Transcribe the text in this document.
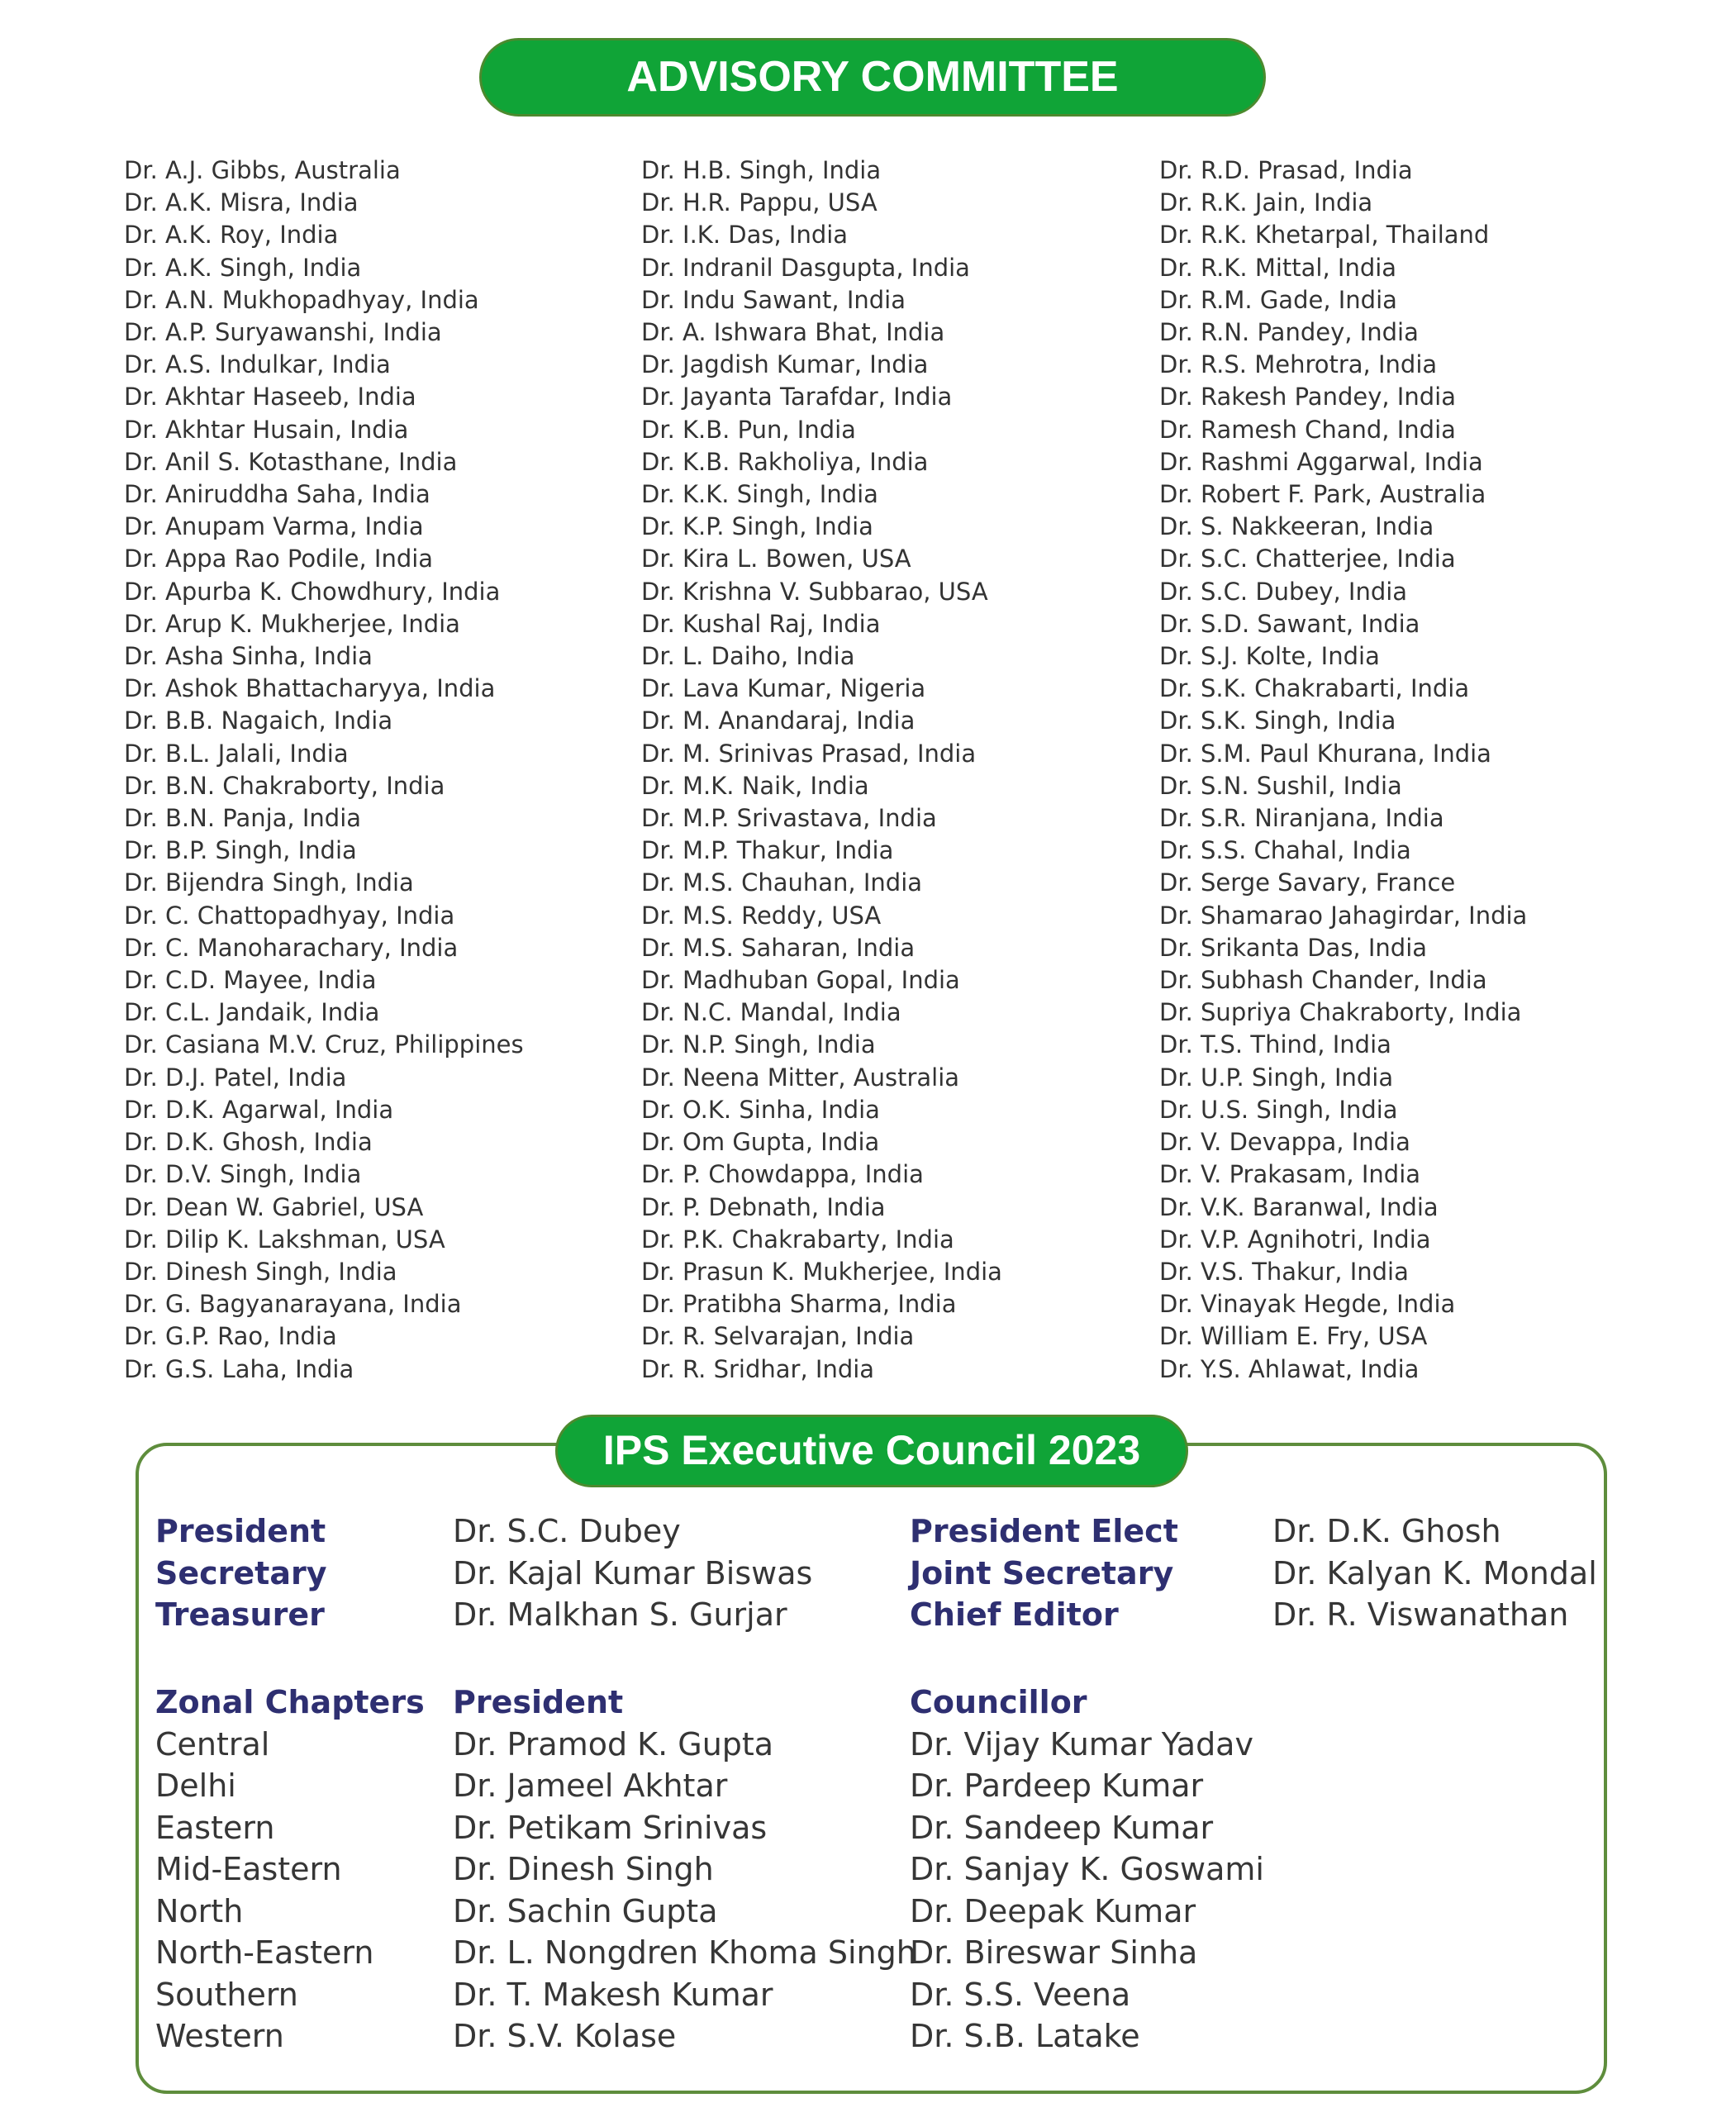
ADVISORY COMMITTEE
Dr. A.J. Gibbs, Australia
Dr. A.K. Misra, India
Dr. A.K. Roy, India
Dr. A.K. Singh, India
Dr. A.N. Mukhopadhyay, India
Dr. A.P. Suryawanshi, India
Dr. A.S. Indulkar, India
Dr. Akhtar Haseeb, India
Dr. Akhtar Husain, India
Dr. Anil S. Kotasthane, India
Dr. Aniruddha Saha, India
Dr. Anupam Varma, India
Dr. Appa Rao Podile, India
Dr. Apurba K. Chowdhury, India
Dr. Arup K. Mukherjee, India
Dr. Asha Sinha, India
Dr. Ashok Bhattacharyya, India
Dr. B.B. Nagaich, India
Dr. B.L. Jalali, India
Dr. B.N. Chakraborty, India
Dr. B.N. Panja, India
Dr. B.P. Singh, India
Dr. Bijendra Singh, India
Dr. C. Chattopadhyay, India
Dr. C. Manoharachary, India
Dr. C.D. Mayee, India
Dr. C.L. Jandaik, India
Dr. Casiana M.V. Cruz, Philippines
Dr. D.J. Patel, India
Dr. D.K. Agarwal, India
Dr. D.K. Ghosh, India
Dr. D.V. Singh, India
Dr. Dean W. Gabriel, USA
Dr. Dilip K. Lakshman, USA
Dr. Dinesh Singh, India
Dr. G. Bagyanarayana, India
Dr. G.P. Rao, India
Dr. G.S. Laha, India
Dr. H.B. Singh, India
Dr. H.R. Pappu, USA
Dr. I.K. Das, India
Dr. Indranil Dasgupta, India
Dr. Indu Sawant, India
Dr. A. Ishwara Bhat, India
Dr. Jagdish Kumar, India
Dr. Jayanta Tarafdar, India
Dr. K.B. Pun, India
Dr. K.B. Rakholiya, India
Dr. K.K. Singh, India
Dr. K.P. Singh, India
Dr. Kira L. Bowen, USA
Dr. Krishna V. Subbarao, USA
Dr. Kushal Raj, India
Dr. L. Daiho, India
Dr. Lava Kumar, Nigeria
Dr. M. Anandaraj, India
Dr. M. Srinivas Prasad, India
Dr. M.K. Naik, India
Dr. M.P. Srivastava, India
Dr. M.P. Thakur, India
Dr. M.S. Chauhan, India
Dr. M.S. Reddy, USA
Dr. M.S. Saharan, India
Dr. Madhuban Gopal, India
Dr. N.C. Mandal, India
Dr. N.P. Singh, India
Dr. Neena Mitter, Australia
Dr. O.K. Sinha, India
Dr. Om Gupta, India
Dr. P. Chowdappa, India
Dr. P. Debnath, India
Dr. P.K. Chakrabarty, India
Dr. Prasun K. Mukherjee, India
Dr. Pratibha Sharma, India
Dr. R. Selvarajan, India
Dr. R. Sridhar, India
Dr. R.D. Prasad, India
Dr. R.K. Jain, India
Dr. R.K. Khetarpal, Thailand
Dr. R.K. Mittal, India
Dr. R.M. Gade, India
Dr. R.N. Pandey, India
Dr. R.S. Mehrotra, India
Dr. Rakesh Pandey, India
Dr. Ramesh Chand, India
Dr. Rashmi Aggarwal, India
Dr. Robert F. Park, Australia
Dr. S. Nakkeeran, India
Dr. S.C. Chatterjee, India
Dr. S.C. Dubey, India
Dr. S.D. Sawant, India
Dr. S.J. Kolte, India
Dr. S.K. Chakrabarti, India
Dr. S.K. Singh, India
Dr. S.M. Paul Khurana, India
Dr. S.N. Sushil, India
Dr. S.R. Niranjana, India
Dr. S.S. Chahal, India
Dr. Serge Savary, France
Dr. Shamarao Jahagirdar, India
Dr. Srikanta Das, India
Dr. Subhash Chander, India
Dr. Supriya Chakraborty, India
Dr. T.S. Thind, India
Dr. U.P. Singh, India
Dr. U.S. Singh, India
Dr. V. Devappa, India
Dr. V. Prakasam, India
Dr. V.K. Baranwal, India
Dr. V.P. Agnihotri, India
Dr. V.S. Thakur, India
Dr. Vinayak Hegde, India
Dr. William E. Fry, USA
Dr. Y.S. Ahlawat, India
IPS Executive Council 2023
President
Secretary
Treasurer
Dr. S.C. Dubey
Dr. Kajal Kumar Biswas
Dr. Malkhan S. Gurjar
President Elect
Joint Secretary
Chief Editor
Dr. D.K. Ghosh
Dr. Kalyan K. Mondal
Dr. R. Viswanathan
Zonal Chapters
Central
Delhi
Eastern
Mid-Eastern
North
North-Eastern
Southern
Western
President
Dr. Pramod K. Gupta
Dr. Jameel Akhtar
Dr. Petikam Srinivas
Dr. Dinesh Singh
Dr. Sachin Gupta
Dr. L. Nongdren Khoma Singh
Dr. T. Makesh Kumar
Dr. S.V. Kolase
Councillor
Dr. Vijay Kumar Yadav
Dr. Pardeep Kumar
Dr. Sandeep Kumar
Dr. Sanjay K. Goswami
Dr. Deepak Kumar
Dr. Bireswar Sinha
Dr. S.S. Veena
Dr. S.B. Latake
